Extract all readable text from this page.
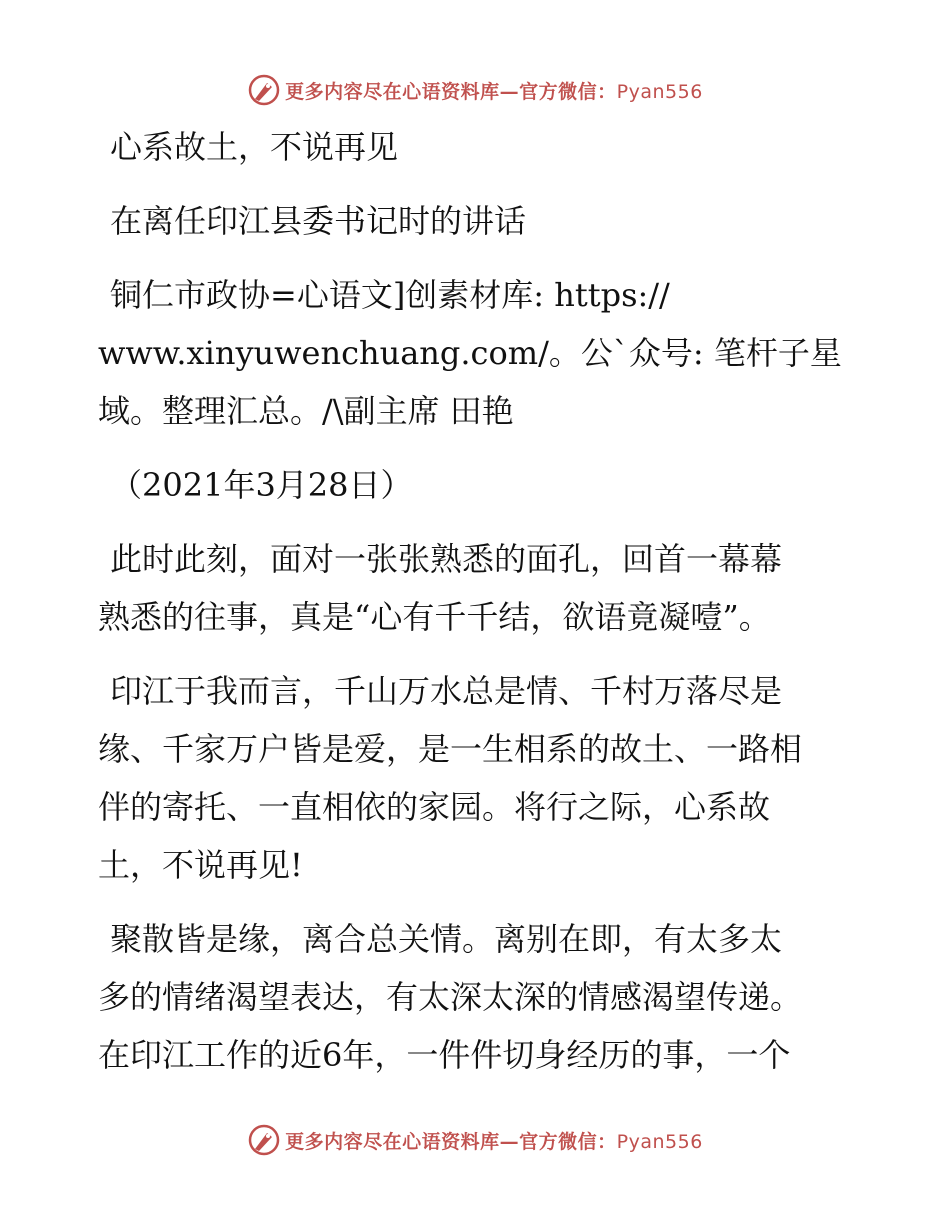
更多内容尽在心语资料库—官方微信：Pyan556
心系故土，不说再见
在离任印江县委书记时的讲话
铜仁市政协=心语文]创素材库: https://
www.xinyuwenchuang.com/。公`众号: 笔杆子星
域。整理汇总。/\副主席 田艳
（2021年3月28日）
此时此刻，面对一张张熟悉的面孔，回首一幕幕
熟悉的往事，真是“心有千千结，欲语竟凝噎”。
印江于我而言，千山万水总是情、千村万落尽是
缘、千家万户皆是爱，是一生相系的故土、一路相
伴的寄托、一直相依的家园。将行之际，心系故
土，不说再见!
聚散皆是缘，离合总关情。离别在即，有太多太
多的情绪渴望表达，有太深太深的情感渴望传递。
在印江工作的近6年，一件件切身经历的事，一个
更多内容尽在心语资料库—官方微信：Pyan556
